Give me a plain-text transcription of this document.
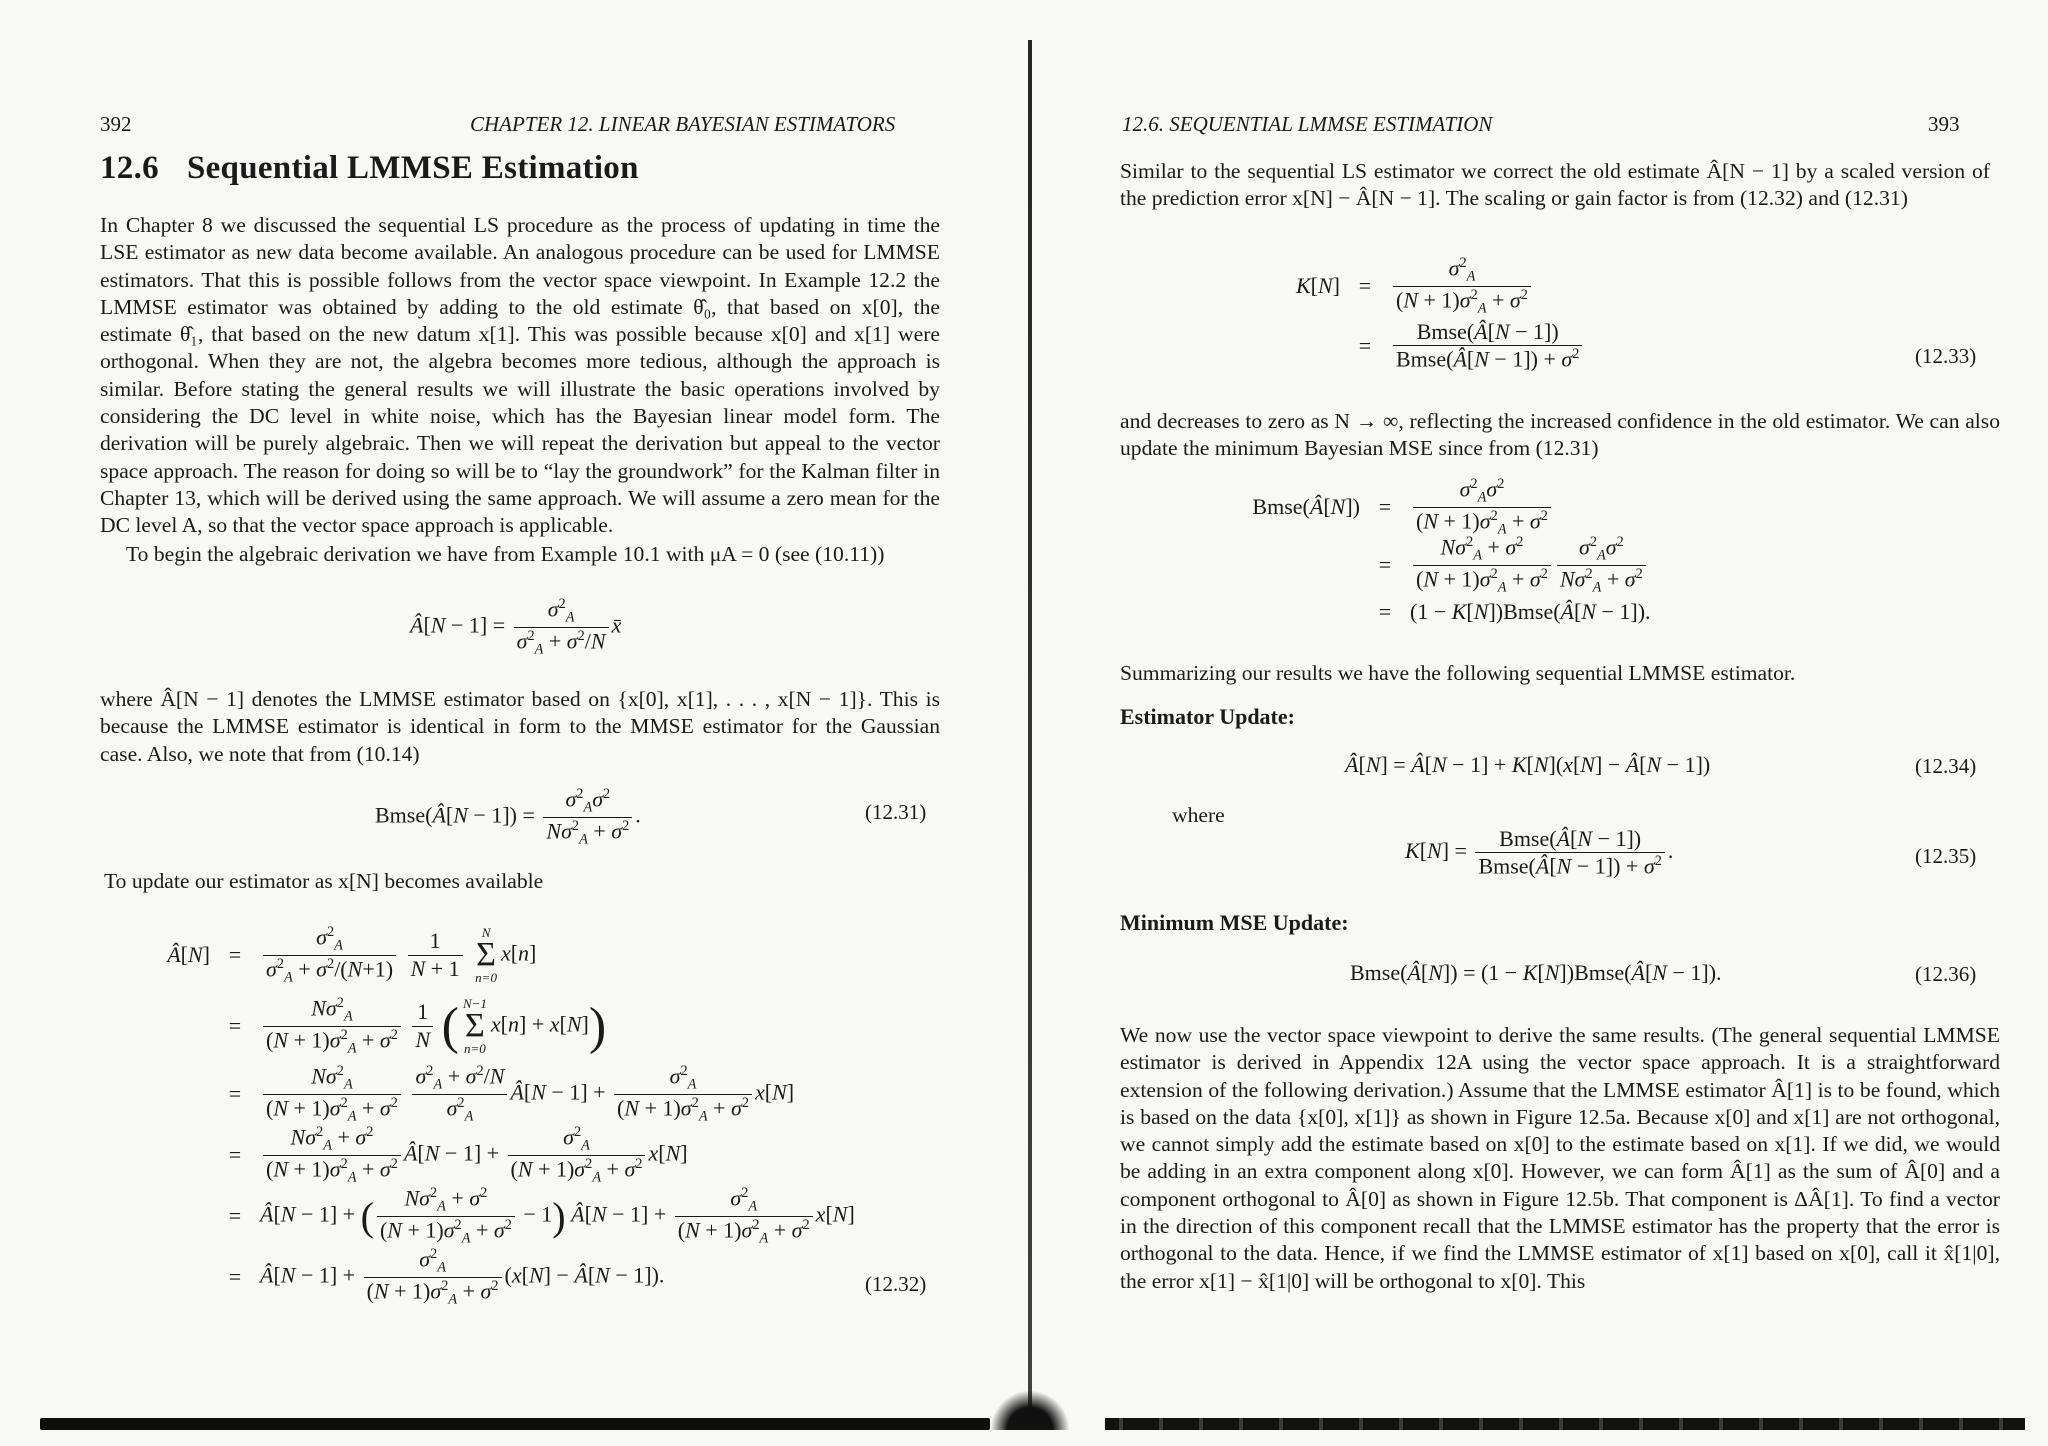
392	CHAPTER 12. LINEAR BAYESIAN ESTIMATORS
12.6 Sequential LMMSE Estimation

In Chapter 8 we discussed the sequential LS procedure as the process of updating in time the LSE estimator as new data become available. An analogous procedure can be used for LMMSE estimators. That this is possible follows from the vector space viewpoint. In Example 12.2 the LMMSE estimator was obtained by adding to the old estimate θ̂₀, that based on x[0], the estimate θ̂₁, that based on the new datum x[1]. This was possible because x[0] and x[1] were orthogonal. When they are not, the algebra becomes more tedious, although the approach is similar. Before stating the general results we will illustrate the basic operations involved by considering the DC level in white noise, which has the Bayesian linear model form. The derivation will be purely algebraic. Then we will repeat the derivation but appeal to the vector space approach. The reason for doing so will be to “lay the groundwork” for the Kalman filter in Chapter 13, which will be derived using the same approach. We will assume a zero mean for the DC level A, so that the vector space approach is applicable.

To begin the algebraic derivation we have from Example 10.1 with μA = 0 (see (10.11))

Â[N − $1] = \frac{\sigma^2_A}{\sigma^2_A + \sigma^2/N}$ x̄

where Â[N − 1] denotes the LMMSE estimator based on {x[0], x[1], . . . , x[N − 1]}. This is because the LMMSE estimator is identical in form to the MMSE estimator for the Gaussian case. Also, we note that from (10.14)

Bmse(Â[N − $1]) = \frac{\sigma^2_A\sigma^2}{N\sigma^2_A + \sigma^2}$ .	(12.31)

To update our estimator as x[N] becomes available

Â[N] = $\frac{\sigma^2_A}{\sigma^2_A + \sigma^2/(N+1)}$
$\frac{1}{N + 1}$
	N
Σ
n=0
x[n]
= $\frac{N\sigma^2_A}{(N + 1)\sigma^2_A + \sigma^2}$
$\frac{1}{N}$ ( N−1
Σ
n=0
x[n] + x[N])
= $\frac{N\sigma^2_A}{(N + 1)\sigma^2_A + \sigma^2}$
$\frac{\sigma^2_A + \sigma^2/N}{\sigma^2_A}$ Â[N − $1] + \frac{\sigma^2_A}{(N + 1)\sigma^2_A + \sigma^2} x[N]$
= $\frac{N\sigma^2_A + \sigma^2}{(N + 1)\sigma^2_A + \sigma^2}$ Â[N − $1] + \frac{\sigma^2_A}{(N + 1)\sigma^2_A + \sigma^2} x[N]$
= Â[N − 1] + ( $\frac{N\sigma^2_A + \sigma^2}{(N + 1)\sigma^2_A + \sigma^2} - 1$) Â[N − $1] + \frac{\sigma^2_A}{(N + 1)\sigma^2_A + \sigma^2} x[N]$
= Â[N − $1] + \frac{\sigma^2_A}{(N + 1)\sigma^2_A + \sigma^2} (x[N]$ − Â[N − 1]).	(12.32)
12.6. SEQUENTIAL LMMSE ESTIMATION	393

Similar to the sequential LS estimator we correct the old estimate Â[N − 1] by a scaled version of the prediction error x[N] − Â[N − 1]. The scaling or gain factor is from (12.32) and (12.31)

$K[N] = \frac{\sigma^2_A}{(N + 1)\sigma^2_A + \sigma^2}$
= $\frac{\text{Bmse(Â[N − 1])}}{Bmse(Â[N - 1]) + \sigma^2}$	(12.33)

and decreases to zero as N → ∞, reflecting the increased confidence in the old estimator. We can also update the minimum Bayesian MSE since from (12.31)

Bmse(Â[N]) = $\frac{\sigma^2_A\sigma^2}{(N + 1)\sigma^2_A + \sigma^2}$
= $\frac{N\sigma^2_A + \sigma^2}{(N + 1)\sigma^2_A + \sigma^2} \frac{\sigma^2_A\sigma^2}{N\sigma^2_A + \sigma^2}$
= (1 − K[N])Bmse(Â[N − 1]).

Summarizing our results we have the following sequential LMMSE estimator.

Estimator Update:
Â[N] = Â[N − 1] + K[N](x[N] − Â[N − 1])	(12.34)

where

$K[N] = \frac{\text{Bmse(Â[N − 1])}}{Bmse(Â[N - 1]) + \sigma^2}$ .	(12.35)
Minimum MSE Update:
Bmse(Â[N]) = (1 − K[N])Bmse(Â[N − 1]).	(12.36)

We now use the vector space viewpoint to derive the same results. (The general sequential LMMSE estimator is derived in Appendix 12A using the vector space approach. It is a straightforward extension of the following derivation.) Assume that the LMMSE estimator Â[1] is to be found, which is based on the data {x[0], x[1]} as shown in Figure 12.5a. Because x[0] and x[1] are not orthogonal, we cannot simply add the estimate based on x[0] to the estimate based on x[1]. If we did, we would be adding in an extra component along x[0]. However, we can form Â[1] as the sum of Â[0] and a component orthogonal to Â[0] as shown in Figure 12.5b. That component is ΔÂ[1]. To find a vector in the direction of this component recall that the LMMSE estimator has the property that the error is orthogonal to the data. Hence, if we find the LMMSE estimator of x[1] based on x[0], call it x̂[1|0], the error x[1] − x̂[1|0] will be orthogonal to x[0]. This
